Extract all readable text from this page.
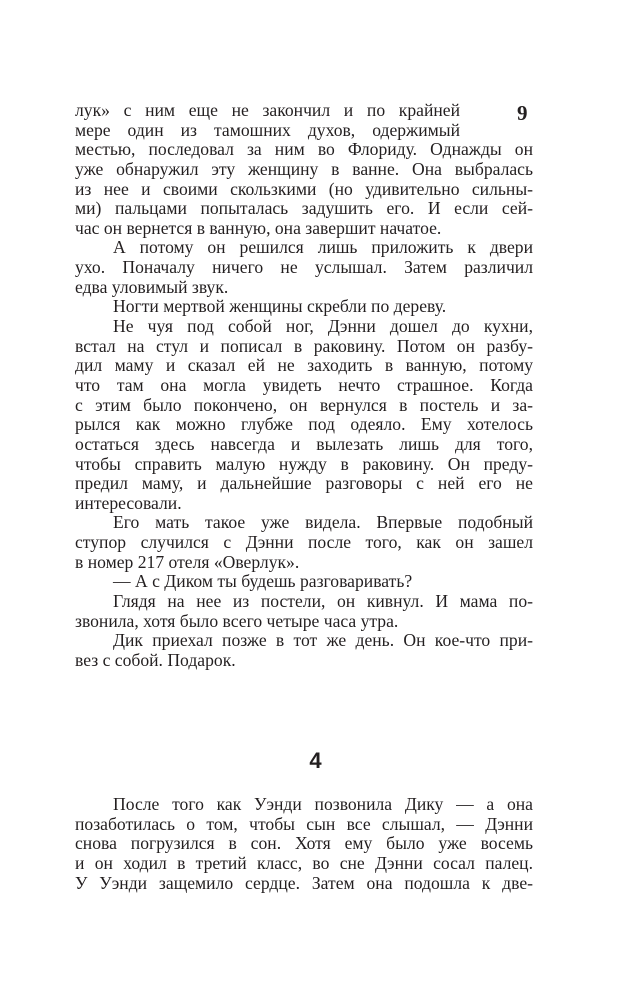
9
лук» с ним еще не закончил и по крайней
мере один из тамошних духов, одержимый
местью, последовал за ним во Флориду. Однажды он
уже обнаружил эту женщину в ванне. Она выбралась
из нее и своими скользкими (но удивительно сильны-
ми) пальцами попыталась задушить его. И если сей-
час он вернется в ванную, она завершит начатое.
А потому он решился лишь приложить к двери
ухо. Поначалу ничего не услышал. Затем различил
едва уловимый звук.
Ногти мертвой женщины скребли по дереву.
Не чуя под собой ног, Дэнни дошел до кухни,
встал на стул и пописал в раковину. Потом он разбу-
дил маму и сказал ей не заходить в ванную, потому
что там она могла увидеть нечто страшное. Когда
с этим было покончено, он вернулся в постель и за-
рылся как можно глубже под одеяло. Ему хотелось
остаться здесь навсегда и вылезать лишь для того,
чтобы справить малую нужду в раковину. Он преду-
предил маму, и дальнейшие разговоры с ней его не
интересовали.
Его мать такое уже видела. Впервые подобный
ступор случился с Дэнни после того, как он зашел
в номер 217 отеля «Оверлук».
— А с Диком ты будешь разговаривать?
Глядя на нее из постели, он кивнул. И мама по-
звонила, хотя было всего четыре часа утра.
Дик приехал позже в тот же день. Он кое-что при-
вез с собой. Подарок.
4
После того как Уэнди позвонила Дику — а она
позаботилась о том, чтобы сын все слышал, — Дэнни
снова погрузился в сон. Хотя ему было уже восемь
и он ходил в третий класс, во сне Дэнни сосал палец.
У Уэнди защемило сердце. Затем она подошла к две-
